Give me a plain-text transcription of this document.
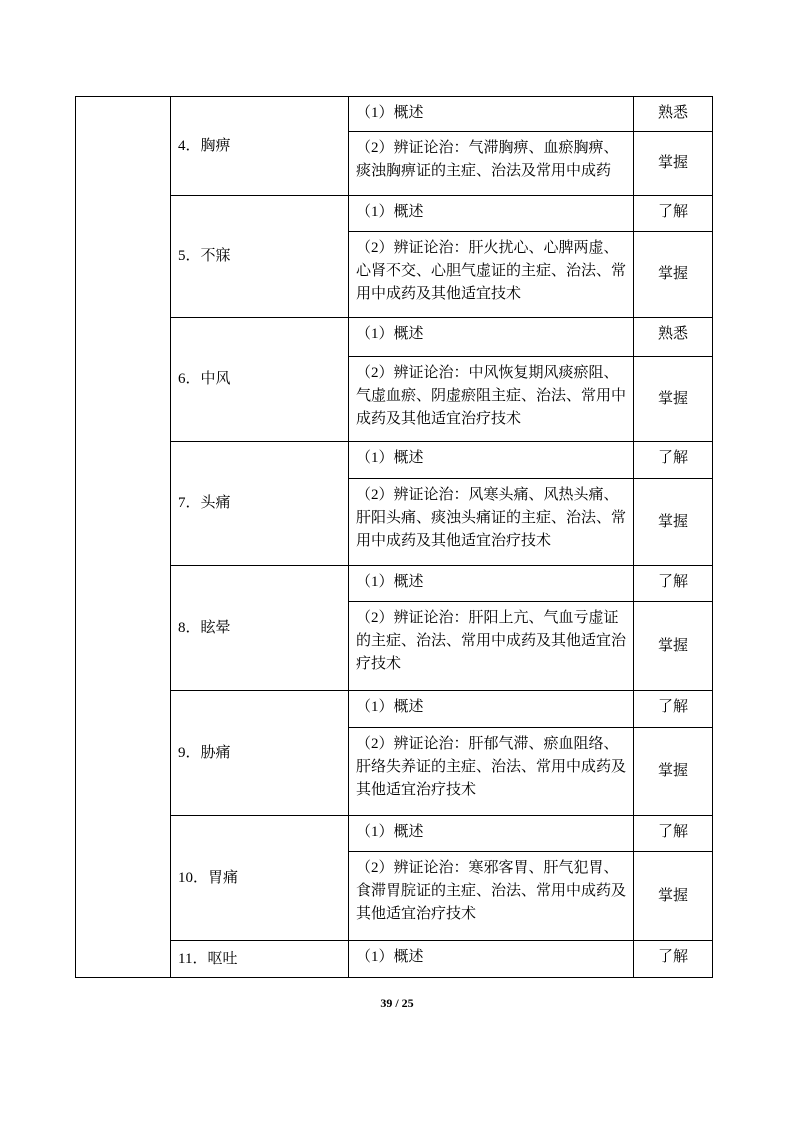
	4．胸痹	（1）概述	熟悉
		（2）辨证论治：气滞胸痹、血瘀胸痹、痰浊胸痹证的主症、治法及常用中成药	掌握
	5．不寐	（1）概述	了解
		（2）辨证论治：肝火扰心、心脾两虚、心肾不交、心胆气虚证的主症、治法、常用中成药及其他适宜技术	掌握
	6．中风	（1）概述	熟悉
		（2）辨证论治：中风恢复期风痰瘀阻、气虚血瘀、阴虚瘀阻主症、治法、常用中成药及其他适宜治疗技术	掌握
	7．头痛	（1）概述	了解
		（2）辨证论治：风寒头痛、风热头痛、肝阳头痛、痰浊头痛证的主症、治法、常用中成药及其他适宜治疗技术	掌握
	8．眩晕	（1）概述	了解
		（2）辨证论治：肝阳上亢、气血亏虚证的主症、治法、常用中成药及其他适宜治疗技术	掌握
	9．胁痛	（1）概述	了解
		（2）辨证论治：肝郁气滞、瘀血阻络、肝络失养证的主症、治法、常用中成药及其他适宜治疗技术	掌握
	10．胃痛	（1）概述	了解
		（2）辨证论治：寒邪客胃、肝气犯胃、食滞胃脘证的主症、治法、常用中成药及其他适宜治疗技术	掌握
	11．呕吐	（1）概述	了解
39 / 25
